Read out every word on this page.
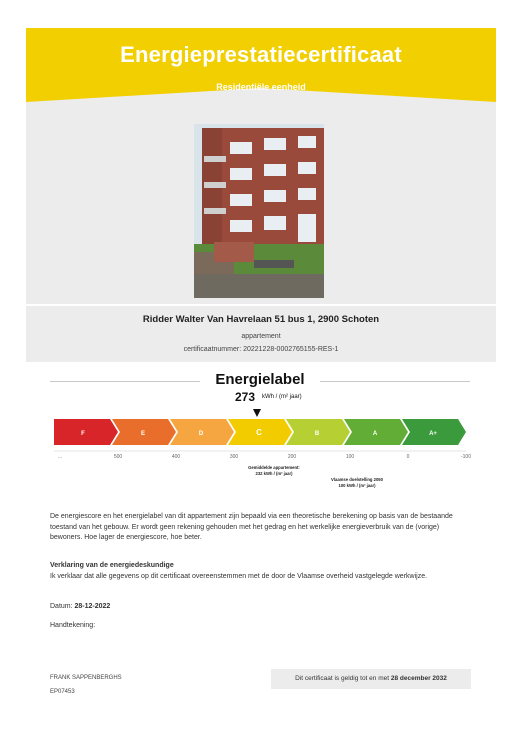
Energieprestatiecertificaat
Residentiële eenheid
Ridder Walter Van Havrelaan 51 bus 1, 2900 Schoten
appartement
certificaatnummer: 20221228-0002765155-RES-1
Energielabel
273 kWh / (m² jaar)
F	E	D	C	B	A	A+
...	500	400	300	200	100	0	-100
Gemiddelde appartement:
232 kWh / (m² jaar)
Vlaamse doelstelling 2050
100 kWh / (m² jaar)
De energiescore en het energielabel van dit appartement zijn bepaald via een theoretische berekening op basis van de bestaande toestand van het gebouw. Er wordt geen rekening gehouden met het gedrag en het werkelijke energieverbruik van de (vorige) bewoners. Hoe lager de energiescore, hoe beter.
Verklaring van de energiedeskundige
Ik verklaar dat alle gegevens op dit certificaat overeenstemmen met de door de Vlaamse overheid vastgelegde werkwijze.
Datum: 28-12-2022
Handtekening:
FRANK SAPPENBERGHS
EP07453
Dit certificaat is geldig tot en met 28 december 2032
